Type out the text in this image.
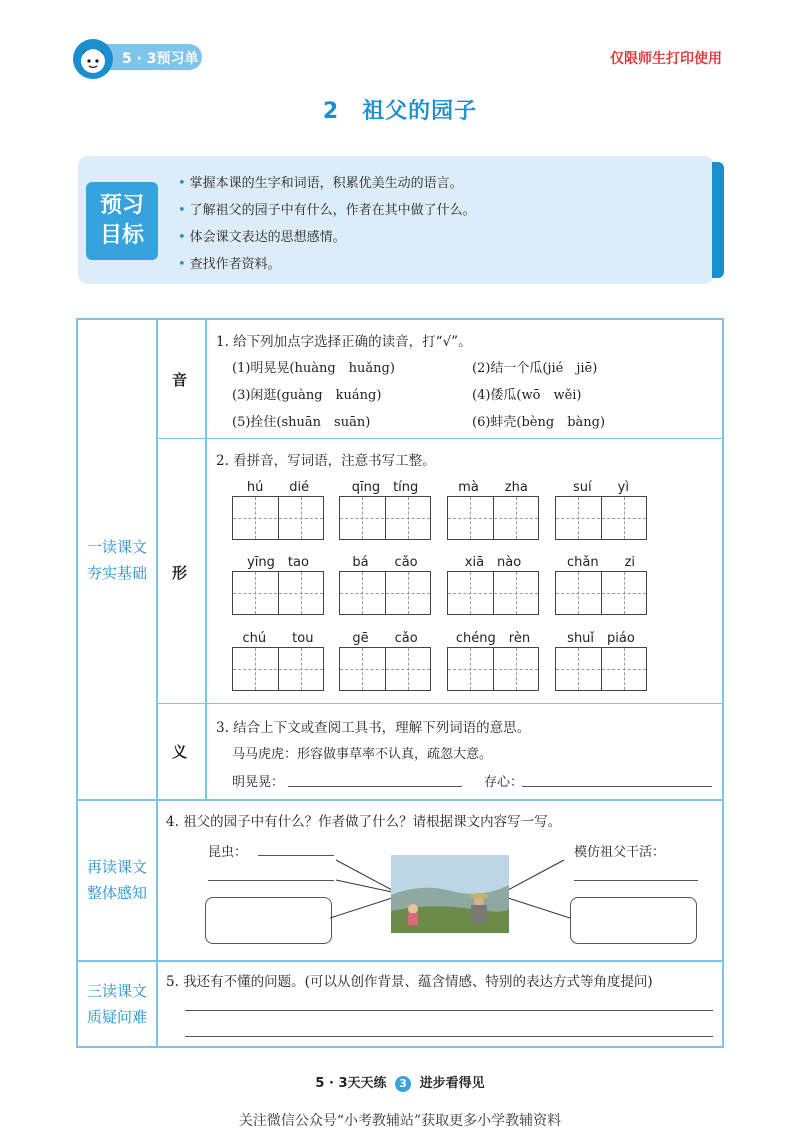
5 · 3预习单	仅限师生打印使用
2　祖父的园子
预习
目标
• 掌握本课的生字和词语，积累优美生动的语言。
• 了解祖父的园子中有什么，作者在其中做了什么。
• 体会课文表达的思想感情。
• 查找作者资料。
一读课文
夯实基础
再读课文
整体感知
三读课文
质疑问难
音
形
义
1. 给下列加点字选择正确的读音，打“√”。
(1)明晃晃(huàng　huǎng)	(2)结一个瓜(jié　jiē)
(3)闲逛(guàng　kuáng)	(4)倭瓜(wō　wěi)
(5)拴住(shuān　suān)	(6)蚌壳(bèng　bàng)
2. 看拼音，写词语，注意书写工整。
hú　　dié	qīng　tíng	mà　　zha	suí　　yì
yīng　tao	bá　　cǎo	xiā　nào	chǎn　　zi
chú　　tou	gē　　cǎo	chéng　rèn	shuǐ　piáo
3. 结合上下文或查阅工具书，理解下列词语的意思。
马马虎虎：形容做事草率不认真，疏忽大意。
明晃晃：	存心：
4. 祖父的园子中有什么？作者做了什么？请根据课文内容写一写。
昆虫：	模仿祖父干活：
5. 我还有不懂的问题。(可以从创作背景、蕴含情感、特别的表达方式等角度提问)
5 · 3天天练 3 进步看得见
关注微信公众号“小考教辅站”获取更多小学教辅资料
